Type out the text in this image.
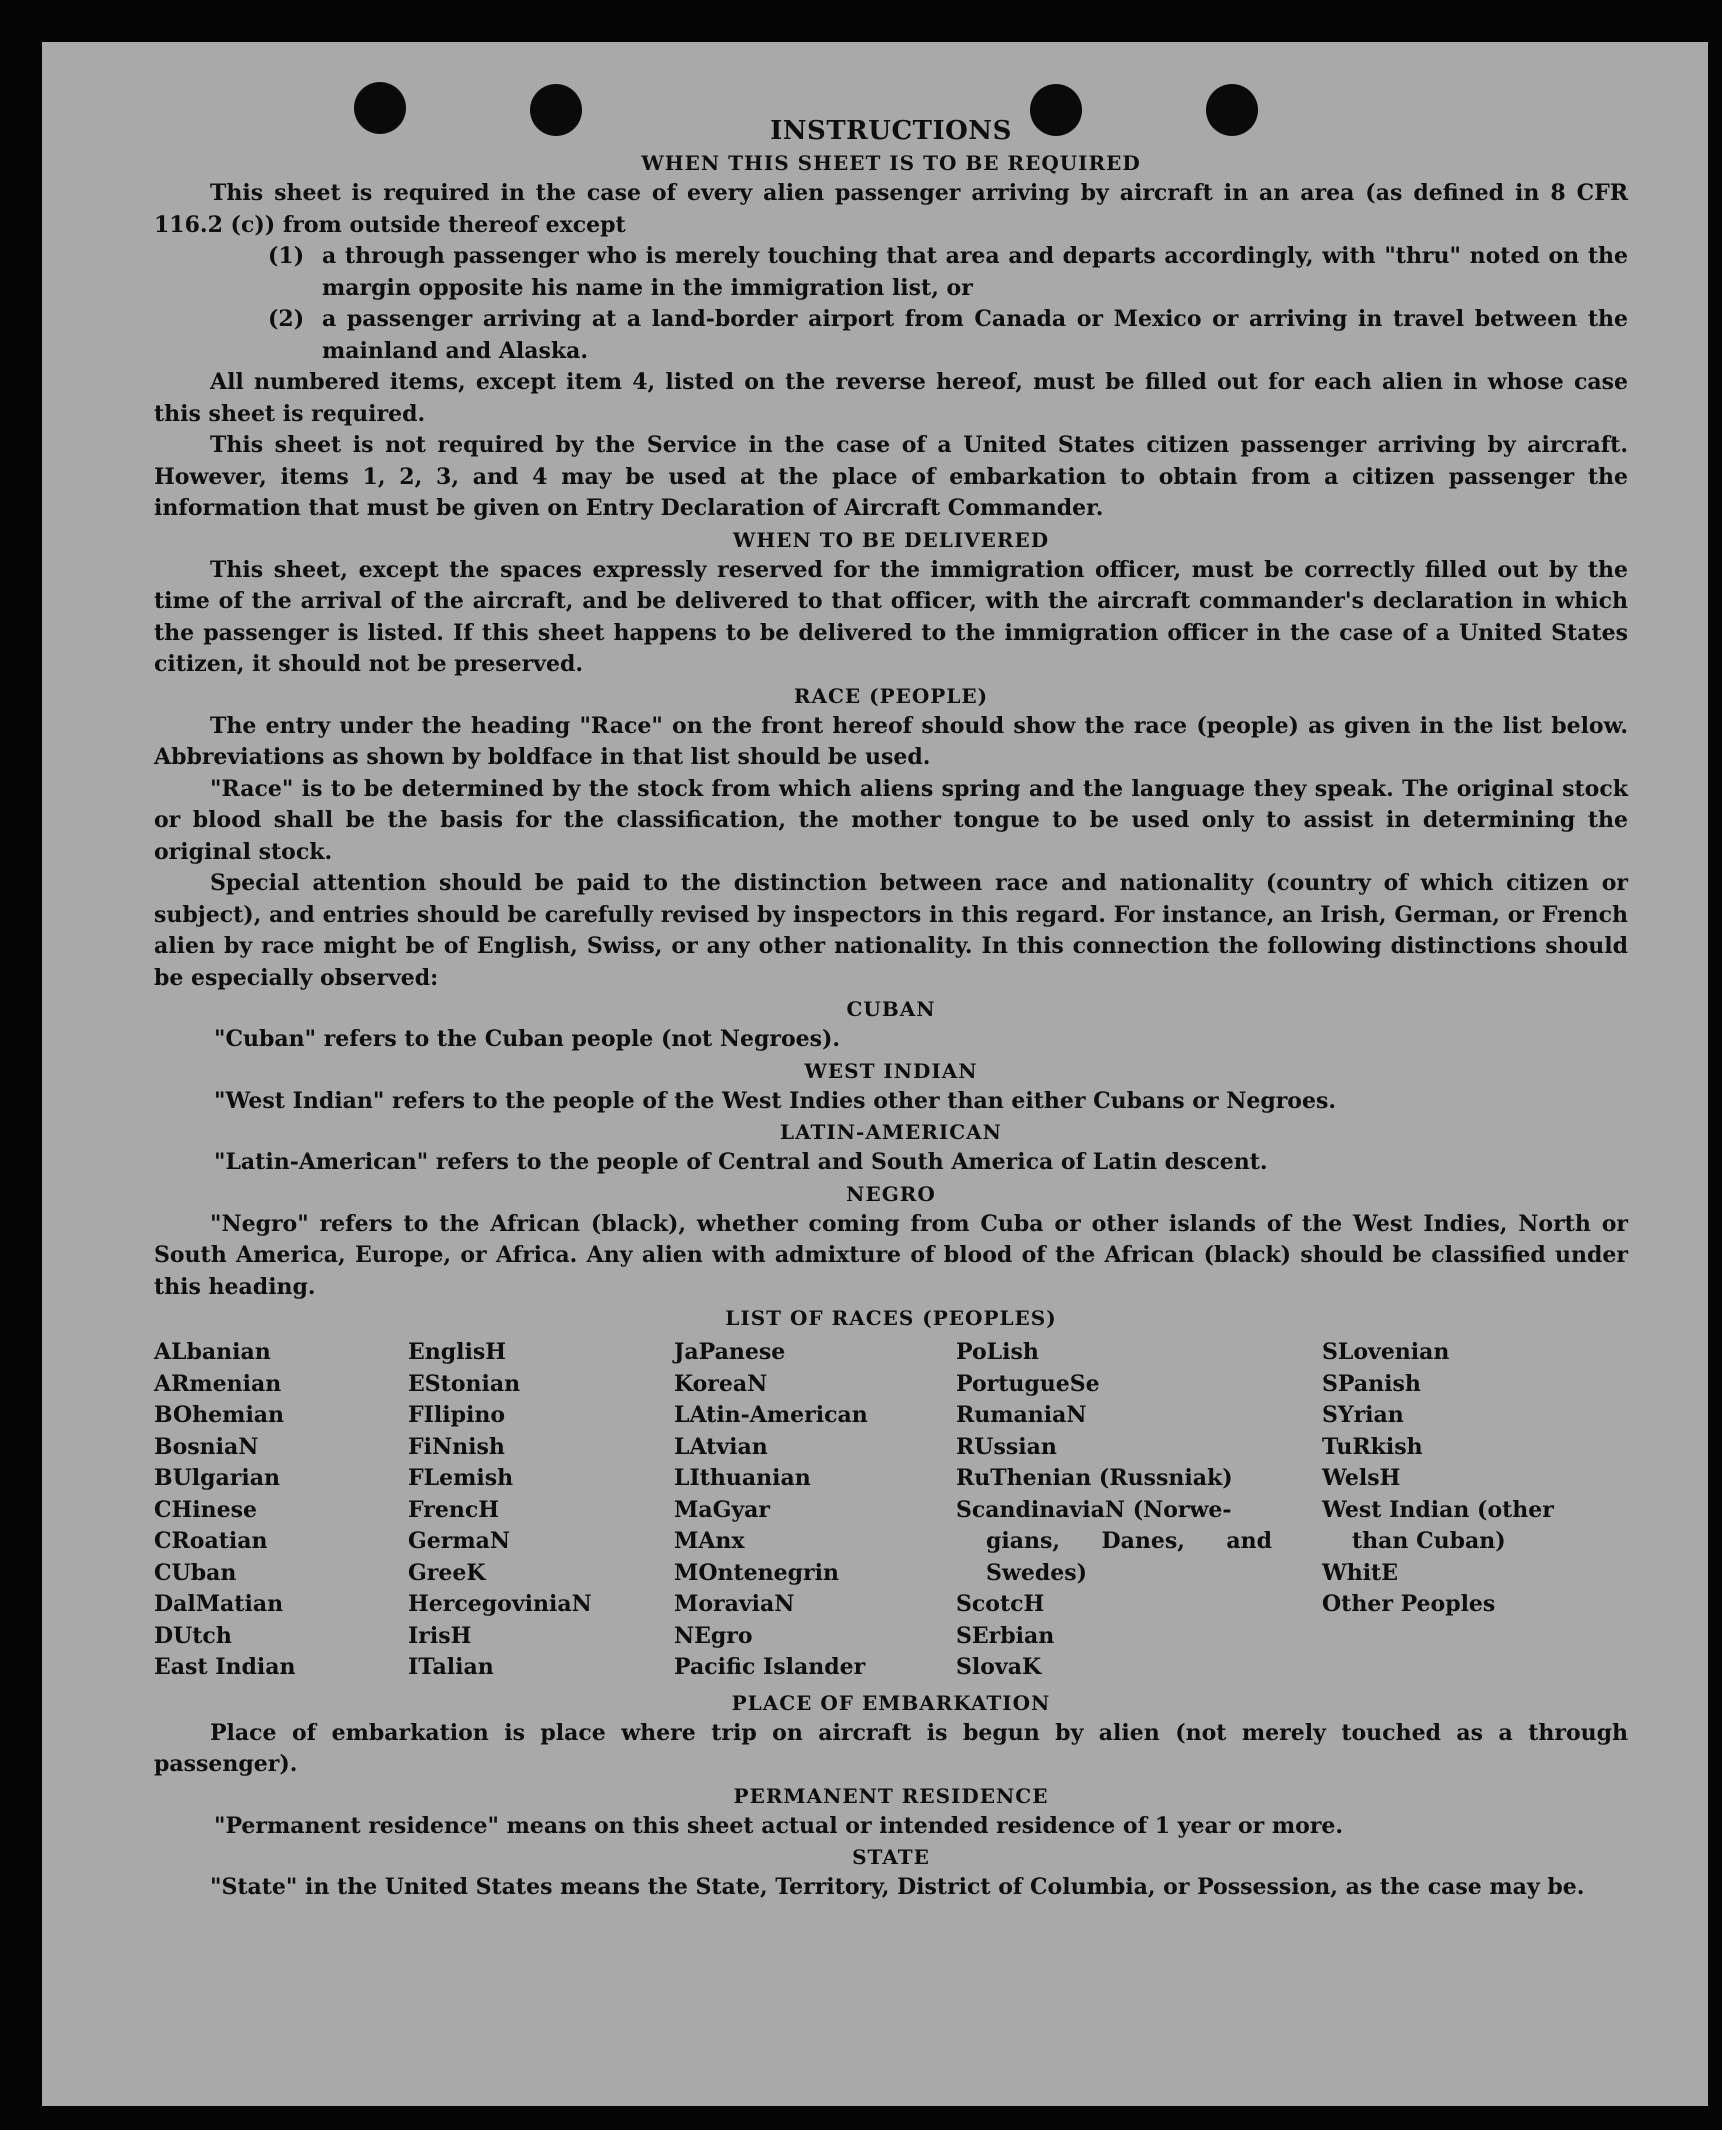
INSTRUCTIONS
WHEN THIS SHEET IS TO BE REQUIRED

This sheet is required in the case of every alien passenger arriving by aircraft in an area (as defined in 8 CFR 116.2 (c)) from outside thereof except

(1) a through passenger who is merely touching that area and departs accordingly, with "thru" noted on the margin opposite his name in the immigration list, or

(2) a passenger arriving at a land-border airport from Canada or Mexico or arriving in travel between the mainland and Alaska.

All numbered items, except item 4, listed on the reverse hereof, must be filled out for each alien in whose case this sheet is required.

This sheet is not required by the Service in the case of a United States citizen passenger arriving by aircraft. However, items 1, 2, 3, and 4 may be used at the place of embarkation to obtain from a citizen passenger the information that must be given on Entry Declaration of Aircraft Commander.

WHEN TO BE DELIVERED

This sheet, except the spaces expressly reserved for the immigration officer, must be correctly filled out by the time of the arrival of the aircraft, and be delivered to that officer, with the aircraft commander's declaration in which the passenger is listed. If this sheet happens to be delivered to the immigration officer in the case of a United States citizen, it should not be preserved.

RACE (PEOPLE)

The entry under the heading "Race" on the front hereof should show the race (people) as given in the list below. Abbreviations as shown by boldface in that list should be used.

"Race" is to be determined by the stock from which aliens spring and the language they speak. The original stock or blood shall be the basis for the classification, the mother tongue to be used only to assist in determining the original stock.

Special attention should be paid to the distinction between race and nationality (country of which citizen or subject), and entries should be carefully revised by inspectors in this regard. For instance, an Irish, German, or French alien by race might be of English, Swiss, or any other nationality. In this connection the following distinctions should be especially observed:

CUBAN

"Cuban" refers to the Cuban people (not Negroes).

WEST INDIAN

"West Indian" refers to the people of the West Indies other than either Cubans or Negroes.

LATIN-AMERICAN

"Latin-American" refers to the people of Central and South America of Latin descent.

NEGRO

"Negro" refers to the African (black), whether coming from Cuba or other islands of the West Indies, North or South America, Europe, or Africa. Any alien with admixture of blood of the African (black) should be classified under this heading.

LIST OF RACES (PEOPLES)
ALbanian
ARmenian
BOhemian
BosniaN
BUlgarian
CHinese
CRoatian
CUban
DalMatian
DUtch
East Indian
EnglisH
EStonian
FIlipino
FiNnish
FLemish
FrencH
GermaN
GreeK
HercegoviniaN
IrisH
ITalian
JaPanese
KoreaN
LAtin-American
LAtvian
LIthuanian
MaGyar
MAnx
MOntenegrin
MoraviaN
NEgro
Pacific Islander
PoLish
PortugueSe
RumaniaN
RUssian
RuThenian (Russniak)
ScandinaviaN (Norwe-
gians, Danes, and
Swedes)
ScotcH
SErbian
SlovaK
SLovenian
SPanish
SYrian
TuRkish
WelsH
West Indian (other
than Cuban)
WhitE
Other Peoples
PLACE OF EMBARKATION

Place of embarkation is place where trip on aircraft is begun by alien (not merely touched as a through passenger).

PERMANENT RESIDENCE

"Permanent residence" means on this sheet actual or intended residence of 1 year or more.

STATE

"State" in the United States means the State, Territory, District of Columbia, or Possession, as the case may be.
